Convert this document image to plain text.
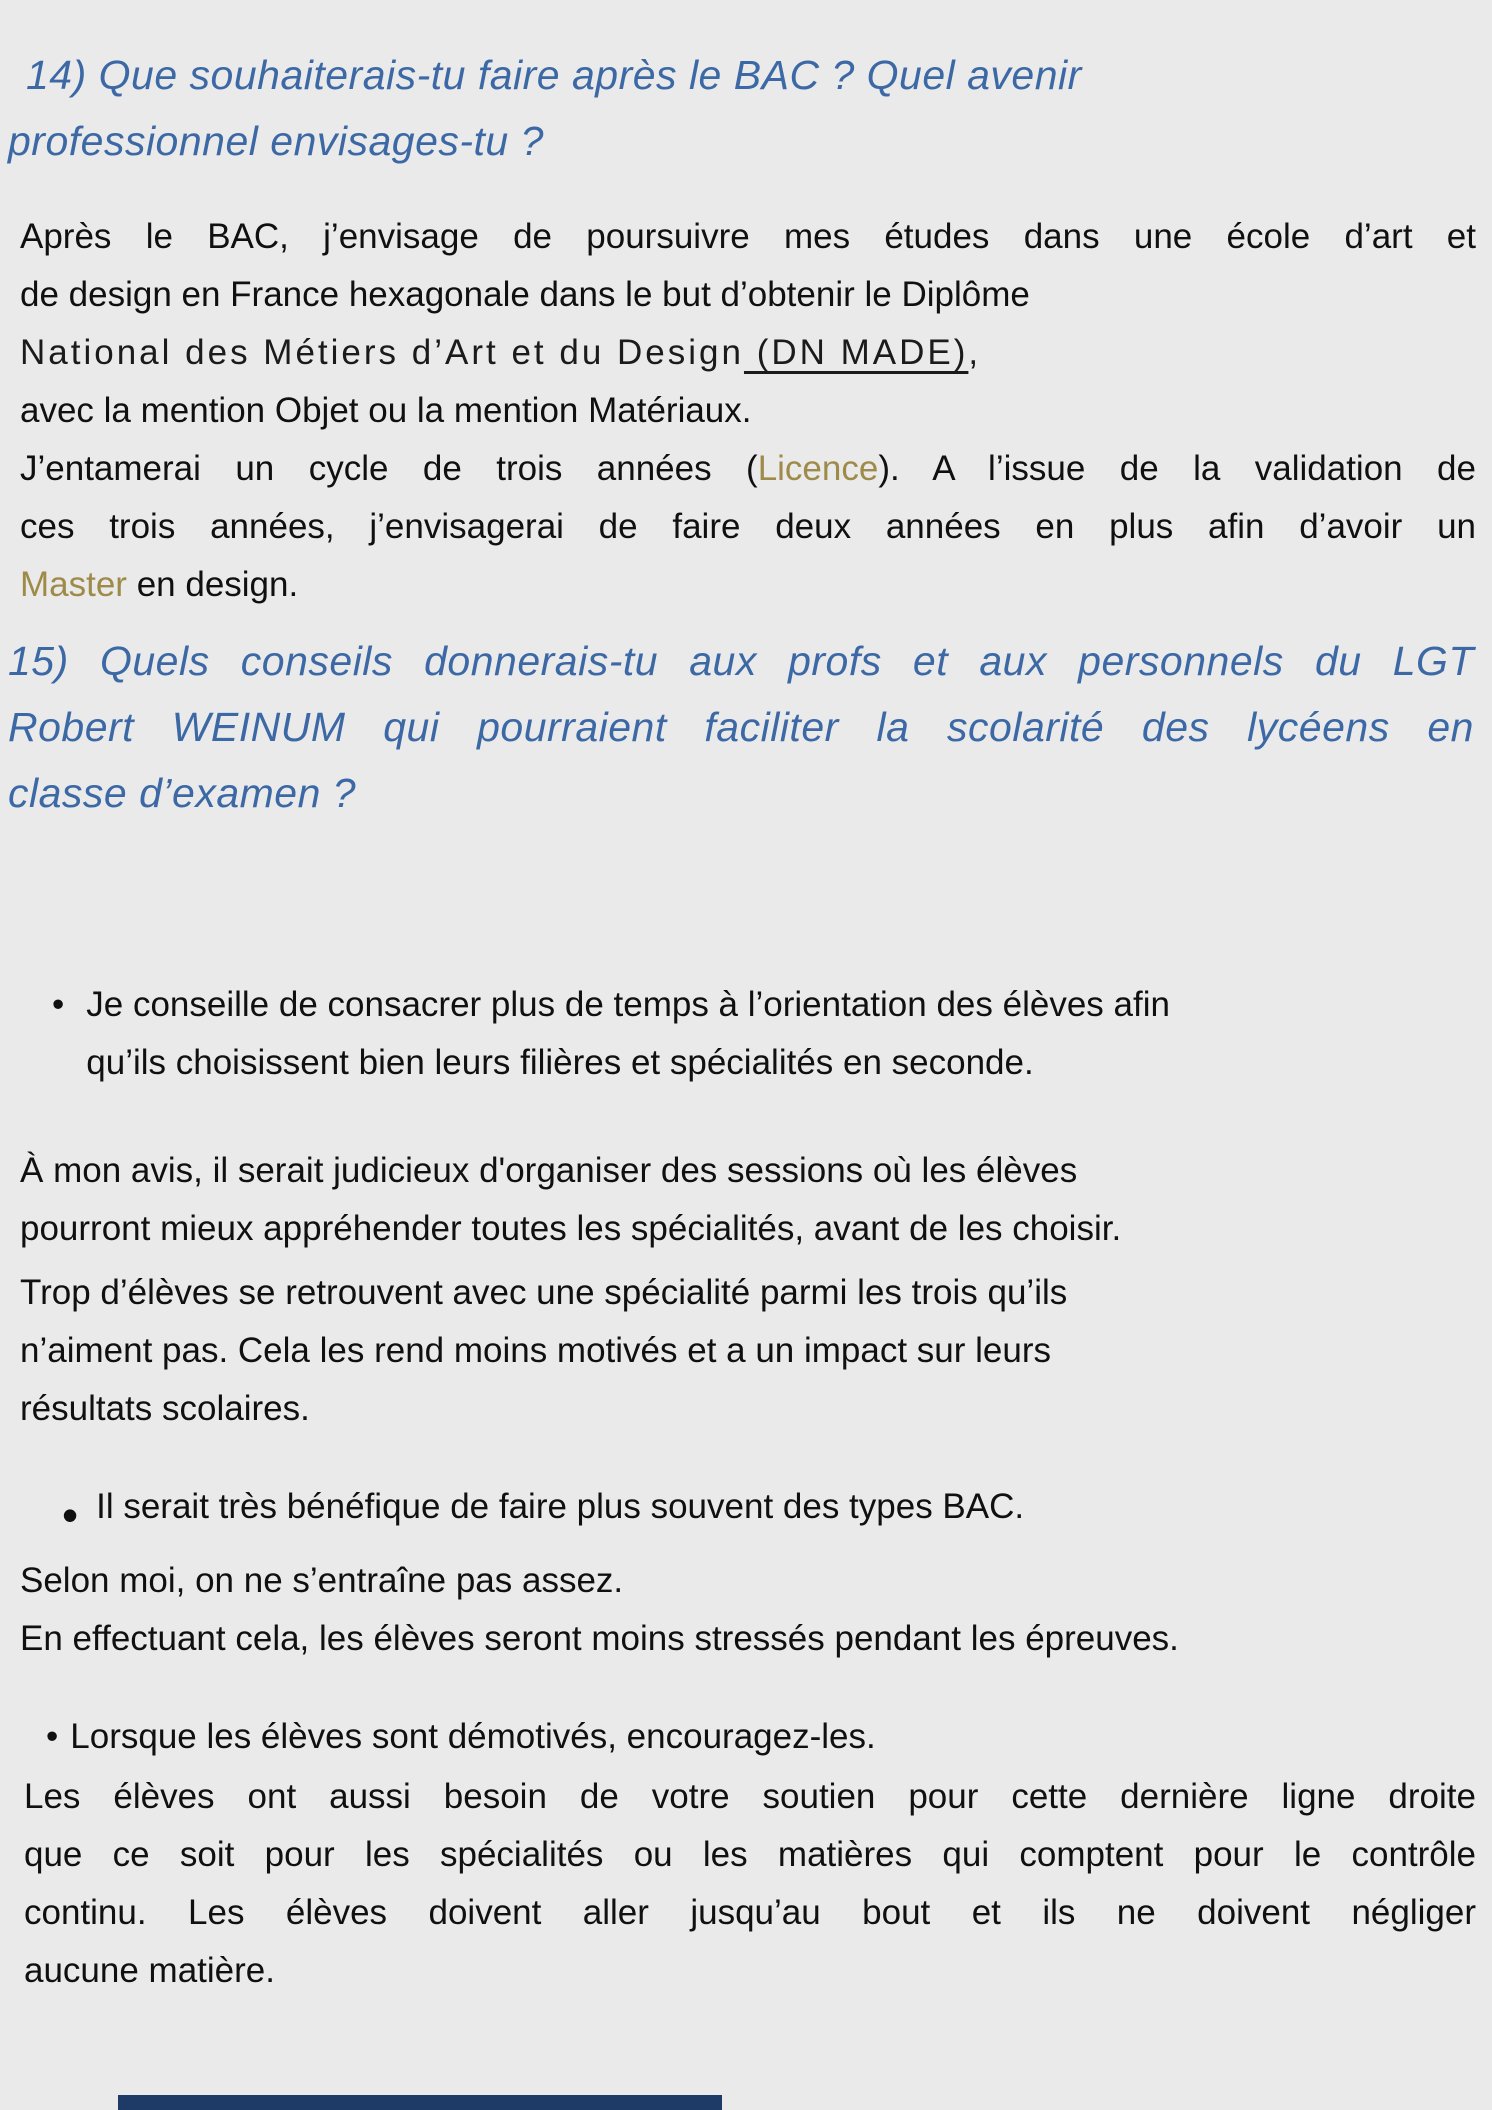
14) Que souhaiterais-tu faire après le BAC ? Quel avenir
professionnel envisages-tu ?
Après le BAC, j’envisage de poursuivre mes études dans une école d’art et
de design en France hexagonale dans le but d’obtenir le Diplôme
National des Métiers d’Art et du Design (DN MADE),
avec la mention Objet ou la mention Matériaux.
J’entamerai un cycle de trois années (Licence). A l’issue de la validation de
ces trois années, j’envisagerai de faire deux années en plus afin d’avoir un
Master en design.
15) Quels conseils donnerais-tu aux profs et aux personnels du LGT
Robert WEINUM qui pourraient faciliter la scolarité des lycéens en
classe d’examen ?
• Je conseille de consacrer plus de temps à l’orientation des élèves afin
qu’ils choisissent bien leurs filières et spécialités en seconde.
À mon avis, il serait judicieux d'organiser des sessions où les élèves
pourront mieux appréhender toutes les spécialités, avant de les choisir.
Trop d’élèves se retrouvent avec une spécialité parmi les trois qu’ils
n’aiment pas. Cela les rend moins motivés et a un impact sur leurs
résultats scolaires.
• Il serait très bénéfique de faire plus souvent des types BAC.
Selon moi, on ne s’entraîne pas assez.
En effectuant cela, les élèves seront moins stressés pendant les épreuves.
• Lorsque les élèves sont démotivés, encouragez-les.
Les élèves ont aussi besoin de votre soutien pour cette dernière ligne droite
que ce soit pour les spécialités ou les matières qui comptent pour le contrôle
continu. Les élèves doivent aller jusqu’au bout et ils ne doivent négliger
aucune matière.
